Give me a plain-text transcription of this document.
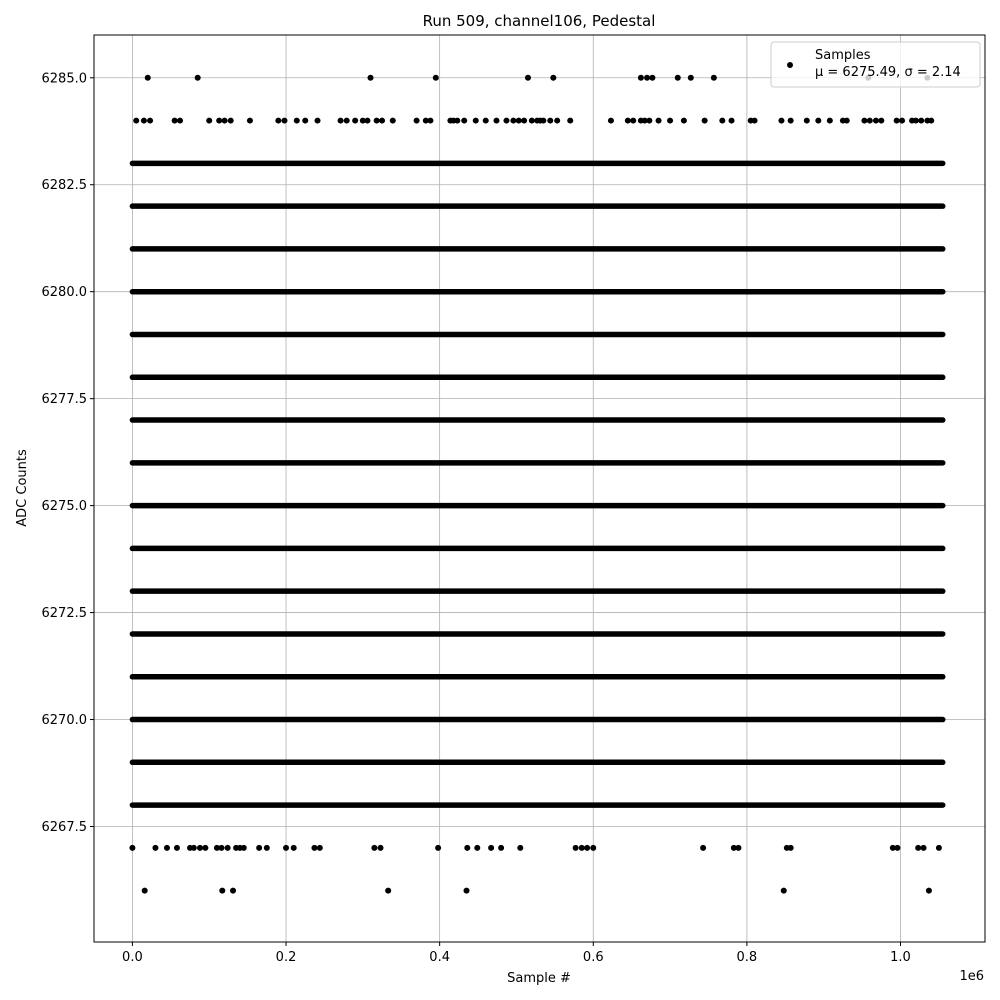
Run 509, channel106, Pedestal
0.0	0.2	0.4	0.6	0.8	1.0
6267.5
6270.0
6272.5
6275.0
6277.5
6280.0
6282.5
6285.0
Sample #
ADC Counts
1e6
Samples
μ = 6275.49, σ = 2.14
